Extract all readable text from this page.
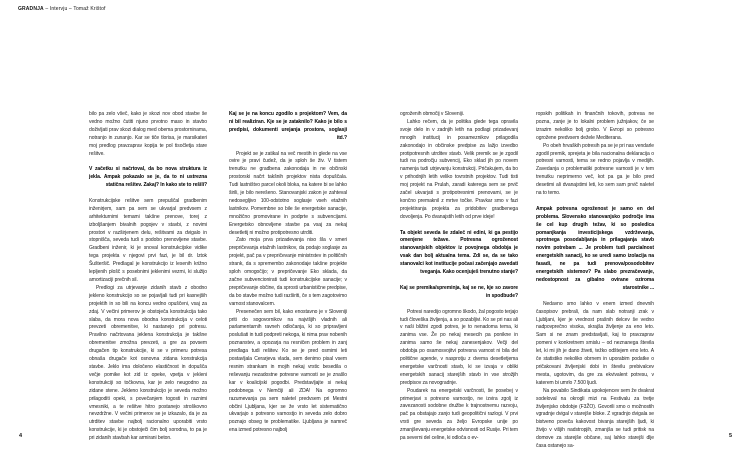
GRADNJA – Intervju – Tomaž Krištof

bilo pa zelo všeč, kako je skozi nov obod stavbe še vedno možno čutiti njuno prvotno maso in stavbo doživljati prav skozi dialog med obema prostorninama, notranjo in zunanjo. Kar se tiče tlorisa, je marsikateri moj predlog pravzaprav kopija te pol tisočletja stare rešitve.

V začetku si načrtoval, da bo nova struktura iz jekla. Ampak pokazalo se je, da to ni ustrezna statična rešitev. Zakaj? In kako ste to rešili?

Konstrukcijske rešitve sem prepuščal gradbenim inženirjem, sam pa sem se ukvarjal predvsem z arhitekturnimi temami takšne prenove, torej z izboljšanjem bivalnih pogojev v stavbi, z novimi prostori v razširjenem delu, rešitvami za dvigalo in stopnišča, seveda tudi s podobo prenovljene stavbe. Gradbeni inženir, ki je snoval konstrukcijske vidike tega projekta v njegovi prvi fazi, je bil dr. Iztok Šušteršič. Predlagal je konstrukcijo iz lesenih križno lepljenih plošč s posebnimi jeklenimi vezmi, ki služijo amortizaciji prečnih sil.

Predlogi za utrjevanje zidanih stavb z obodno jekleno konstrukcijo so se pojavljali tudi pri kasnejših projektih in so bili na koncu vedno opuščeni, vsaj za zdaj. V večini primerov je obstoječa konstrukcija tako slaba, da mora nova obodna konstrukcija v celoti prevzeti obremenitve, ki nastanejo pri potresu. Pravilno načrtovana jeklena konstrukcija je takšne obremenitve zmožna prevzeti, a gre za povsem drugačen tip konstrukcije, ki se v primeru potresa obnaša drugače kot osnovna zidana konstrukcija stavbe. Jeklo ima določeno elastičnost in dopušča večje pomike kot zid iz opeke, vpetja v jekleni konstrukciji so točkovna, kar je zelo neugodno za zidane stene. Jekleno konstrukcijo je seveda možno prilagoditi opeki, s povečanjem togosti in raznimi vmesniki, a te rešitve hitro postanejo stroškovno nevzdržne. V večini primerov se je izkazalo, da je za utrditev stavbe najbolj racionalno uporabiti vrsto konstrukcije, ki je obstoječi čim bolj sorodna, to pa je pri zidanih stavbah kar armirani beton.

Kaj se je na koncu zgodilo s projektom? Vem, da ni bil realiziran. Kje se je zataknilo? Kako je bilo s predpisi, dokumenti urejanja prostora, soglasji itd.?

Projekt se je zatikal na več mestih in glede na vse ovire je pravi čudež, da je sploh še živ. V tistem trenutku ne gradbena zakonodaja in ne občinski prostorski načrt takšnih projektov nista dopuščala. Tudi lastništvo parcel okoli bloka, na katere bi se lahko širili, je bilo nerešeno. Stanovanjski zakon je zahteval nedosegljivo 100-odstotno soglasje vseh etažnih lastnikov. Pomembne so bile še energetske sanacije, množično promovirane in podprte s subvencijami. Energetsko obnovljene stavbe pa vsaj za nekaj desetletij ni možno protipotresno utrditi.

Zato moja prva prizadevanja niso šla v smeri prepričevanja etažnih lastnikov, da podajo soglasje za projekt, pač pa v prepričevanje ministrstev in političnih strank, da s spremembo zakonodaje takšne projekte sploh omogočijo; v prepričevanje Eko sklada, da začne subvencionirati tudi konstrukcijske sanacije; v prepričevanje občine, da sprosti urbanistične predpise, da bo stavbe možno tudi razširiti, če s tem zagotovimo varnost stanovalcem.

Presenečen sem bil, kako enostavno je v Sloveniji priti do sogovornikov na najvišjih vladnih ali parlamentarnih ravneh odločanja, ki so pripravljeni poslušati in tudi podpreti nekoga, ki nima prav nobenih poznanstev, a opozarja na resničen problem in zanj predlaga tudi rešitev. Ko se je pred osmimi leti postavljala Cerarjeva vlada, sem denimo pisal vsem resnim strankam in mojih nekaj vrstic besedila o reševanju nezadostne potresne varnosti se je znašlo kar v koalicijski pogodbi. Predstavljajte si nekaj podobnega v Nemčiji ali ZDA! Na ogromno razumevanja pa sem naletel predvsem pri Mestni občini Ljubljana, kjer se že vrsto let sistematično ukvarjajo s potresno varnostjo in seveda zelo dobro poznajo obseg te problematike. Ljubljana je namreč ena izmed potresno najbolj

ogroženih območij v Sloveniji.

Lahko rečem, da je politika glede tega opravila svoje delo in v zadnjih letih na podlagi prizadevanj mnogih institucij in posameznikov prilagodila zakonodajo in občinske predpise za lažjo izvedbo protipotresnih utrditev stavb. Velik premik se je zgodil tudi na področju subvencij, Eko sklad jih po novem namenja tudi utrjevanju konstrukcij. Pričakujem, da bo v prihodnjih letih veliko tovrstnih projektov. Tudi tisti moj projekt na Prulah, zaradi katerega sem se prvič začel ukvarjati s protipotresnimi prenovami, se je končno premaknil z mrtve točke. Pravkar smo v fazi projektiranja projekta za pridobitev gradbenega dovoljenja. Po dvanajstih letih od prve ideje!

Ta objekt seveda še zdaleč ni edini, ki ga pestijo omenjene težave. Potresna ogroženost stanovanjskih objektov iz povojnega obdobja je vsak dan bolj aktualna tema. Zdi se, da se tako stanovalci kot institucije počasi začenjajo zavedati tveganja. Kako ocenjuješ trenutno stanje?

Kaj se premika/spreminja, kaj se ne, kje so zavore in spodbude?

Potresi naredijo ogromno škodo, žal pogosto terjajo tudi človeška življenja, a so pozabljivi. Ko se pri nas ali v naši bližini zgodi potres, je to nenadoma tema, ki zanima vse. Že po nekaj mesecih pa ponikne in zanima samo še nekaj zanesenjakov. Večji del obdobja po osamosvojitvi potresna varnost ni bila del politične agende, v nasprotju z dvema desetletjema energetske varčnosti stavb, ki se izvaja v obliki energetskih sanacij starejših stavb in vse strožjih predpisov za novogradnje.

Poudarek na energetski varčnosti, še posebej v primerjavi s potresno varnostjo, ne izvira zgolj iz zavezanosti sodobne družbe k trajnostnemu razvoju, pač pa obstajajo zanjo tudi geopolitični razlogi. V prvi vrsti gre seveda za željo Evropske unije po zmanjševanju energetske odvisnosti od Rusije. Pri tem pa severni del celine, ki odloča o ev-

ropskih politikah in finančnih tokovih, potresa ne pozna, zanje je to lokalni problem južnjakov, če se izrazim nekoliko bolj grobo. V Evropi so potresno ogrožene predvsem dežele Mediterana.

Po obeh hrvaških potresih pa se je pri nas vendarle zgodil premik, sprejeta je bila nacionalna deklaracija o potresni varnosti, tema se redno pojavlja v medijih. Zavedanja o problematiki potresne varnosti je v tem trenutku neprimerno več, kot pa ga je bilo pred desetimi ali dvanajstimi leti, ko sem sam prvič naletel na to temo.

Ampak potresna ogroženost je samo en del problema. Slovensko stanovanjsko področje ima še cel kup drugih težav, ki so posledica pomanjkanja investicijskega vzdrževanja, sprotnega posodabljanja in prilagajanja stavb novim potrebam ... Je problem tudi parcialnost energetskih sanacij, ko se uredi samo izolacija na fasadi, ne pa tudi prenova/posodobitev energetskih sistemov? Pa slabo prezračevanje, nedostopnost za gibalno ovirane oziroma starostnike ...

Nedavno smo lahko v enem izmed dnevnih časopisov prebrali, da nam slab notranji zrak v Ljubljani, kjer je vrednost prašnih delcev še vedno nadpovprečno visoka, skrajša življenje za eno leto. Sam si ne znam predstavljati, kaj to pravzaprav pomeni v konkretnem smislu – od neznanega števila let, ki mi jih je dano živeti, težko odštejem eno leto. A če statistiko nekoliko obrnem in uporabim podatke o pričakovani življenjski dobi in številu prebivalcev mesta, ugotovim, da gre za ekvivalent potresu, v katerem bi umrlo 7.500 ljudi.

Na povabilo Sindikata upokojencev sem že dvakrat sodeloval na okrogli mizi na Festivalu za tretje življenjsko obdobje (F3ŽO). Govorili smo o možnostih vgradnje dvigal v starejše bloke. Z vgradnjo dvigala se bistveno poveča kakovost bivanja starejših ljudi, ki živijo v višjih nadstropjih, zmanjša se tudi pritisk na domove za starejše občane, saj lahko starejši dlje časa ostanejo sa-

4	5
